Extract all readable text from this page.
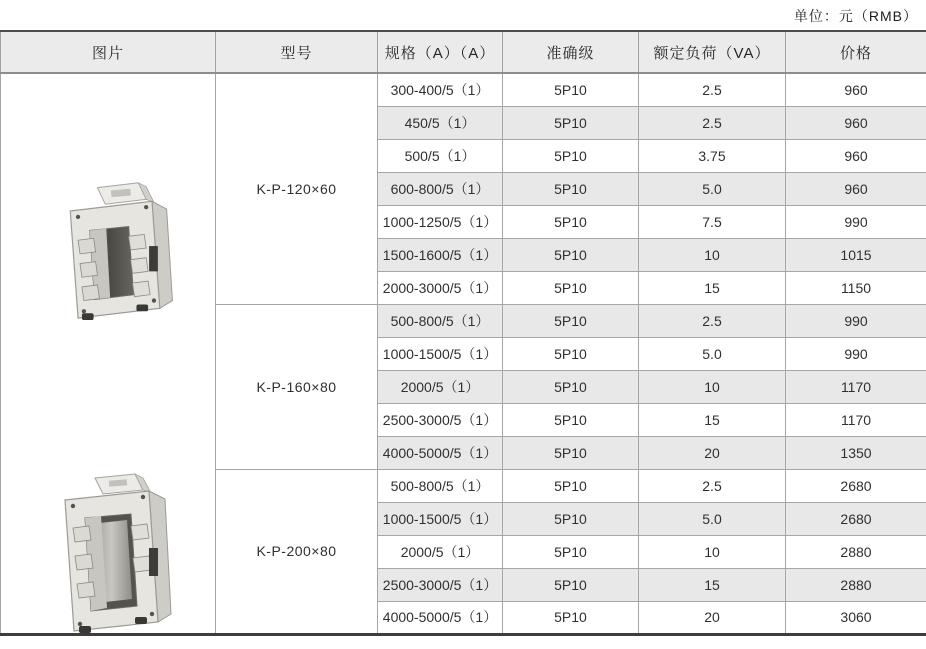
单位：元（RMB）
图片	型号	规格（A）（A）	准确级	额定负荷（VA）	价格

	K-P-120×60	300-400/5（1）	5P10	2.5	960
		450/5（1）	5P10	2.5	960
		500/5（1）	5P10	3.75	960
		600-800/5（1）	5P10	5.0	960
		1000-1250/5（1）	5P10	7.5	990
		1500-1600/5（1）	5P10	10	1015
		2000-3000/5（1）	5P10	15	1150
	K-P-160×80	500-800/5（1）	5P10	2.5	990
		1000-1500/5（1）	5P10	5.0	990
		2000/5（1）	5P10	10	1170
		2500-3000/5（1）	5P10	15	1170
		4000-5000/5（1）	5P10	20	1350
	K-P-200×80	500-800/5（1）	5P10	2.5	2680
		1000-1500/5（1）	5P10	5.0	2680
		2000/5（1）	5P10	10	2880
		2500-3000/5（1）	5P10	15	2880
		4000-5000/5（1）	5P10	20	3060
